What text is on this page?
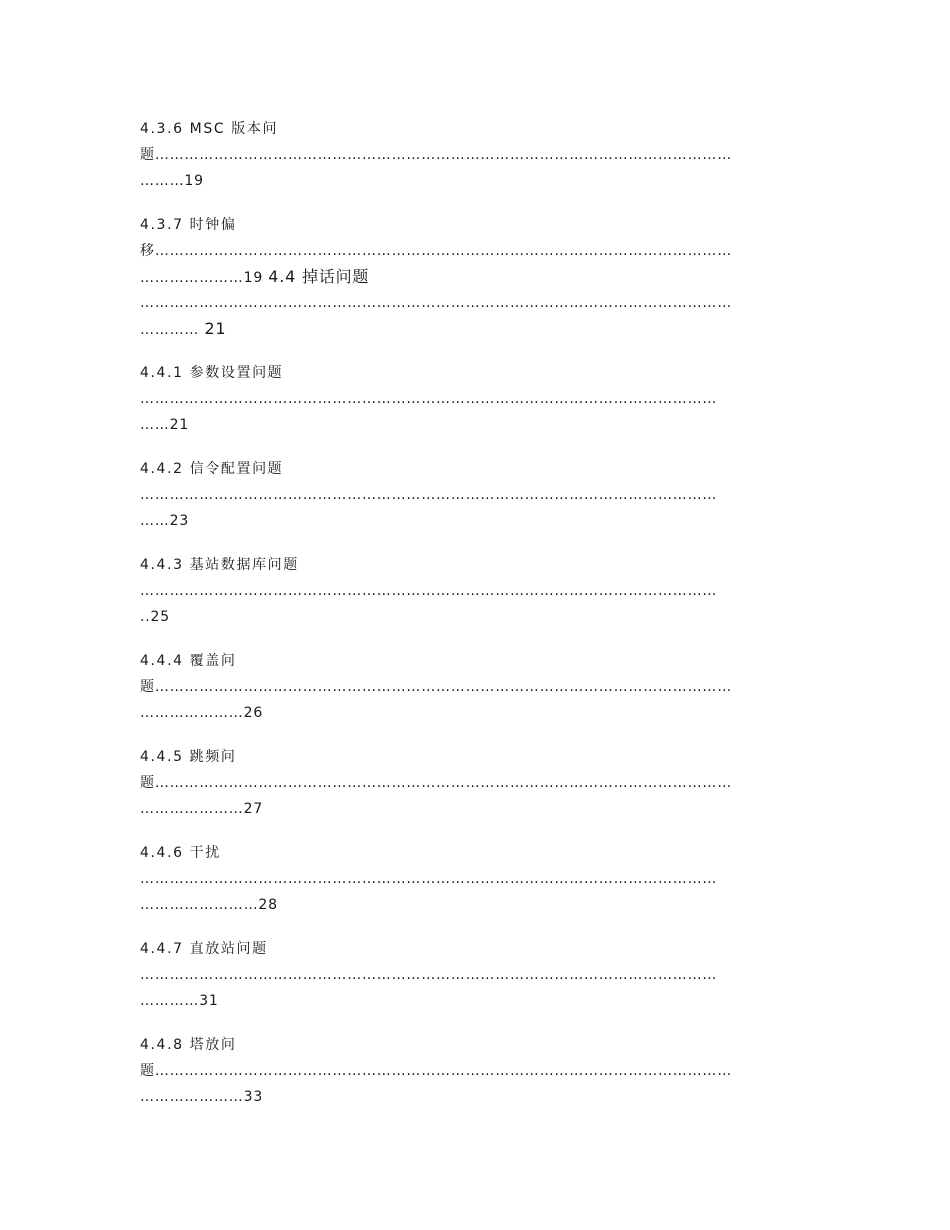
4.3.6 MSC 版本问
题………………………………………………………………………………………………………
………19
4.3.7 时钟偏
移………………………………………………………………………………………………………
…………………19 4.4 掉话问题
…………………………………………………………………………………………………………
………… 21
4.4.1 参数设置问题
………………………………………………………………………………………………………
……21
4.4.2 信令配置问题
………………………………………………………………………………………………………
……23
4.4.3 基站数据库问题
………………………………………………………………………………………………………
..25
4.4.4 覆盖问
题………………………………………………………………………………………………………
…………………26
4.4.5 跳频问
题………………………………………………………………………………………………………
…………………27
4.4.6 干扰
………………………………………………………………………………………………………
……………………28
4.4.7 直放站问题
………………………………………………………………………………………………………
…………31
4.4.8 塔放问
题………………………………………………………………………………………………………
…………………33
